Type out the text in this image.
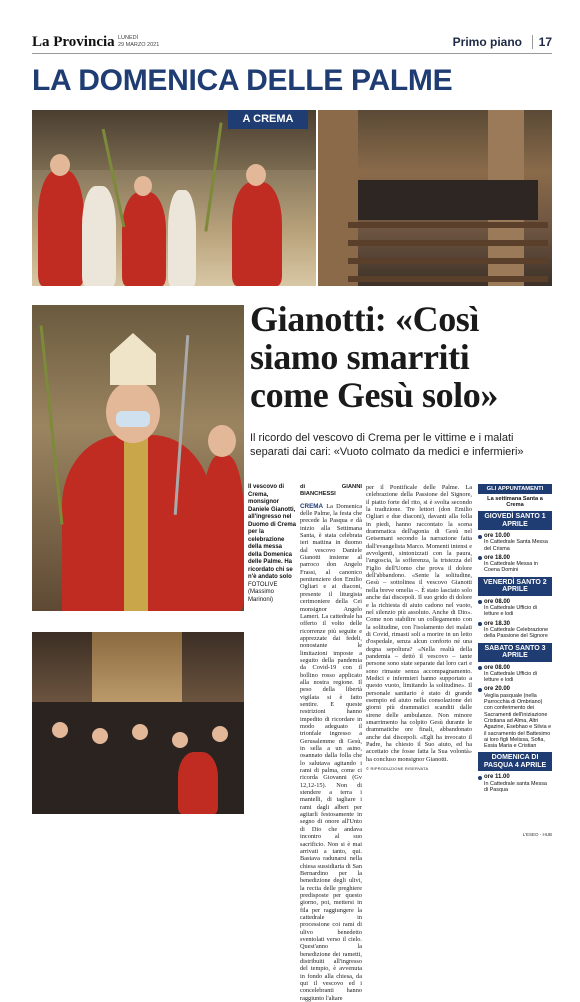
La Provincia LUNEDÌ
29 MARZO 2021	Primo piano	17
LA DOMENICA DELLE PALME
A CREMA
Gianotti: «Così siamo smarriti come Gesù solo»
Il ricordo del vescovo di Crema per le vittime e i malati separati dai cari: «Vuoto colmato da medici e infermieri»
Il vescovo di Crema, monsignor Daniele Gianotti, all'ingresso nel Duomo di Crema per la celebrazione della messa della Domenica delle Palme. Ha ricordato chi se n'è andato solo
FOTOLIVE (Massimo Marinoni)
di GIANNI BIANCHESSI
CREMA La Domenica delle Palme, la festa che precede la Pasqua e dà inizio alla Settimana Santa, è stata celebrata ieri mattina in duomo dal vescovo Daniele Gianotti insieme al parroco don Angelo Frassi, al canonico penitenziere don Emilio Ogliari e ai diaconi, presente il liturgista cerimoniere della Cei monsignor Angelo Lameri. La cattedrale ha offerto il volto delle ricorrenze più seguite e apprezzate dai fedeli, nonostante le limitazioni imposte a seguito della pandemia da Covid-19 con il bollino rosso applicato alla nostra regione. Il peso della libertà vigilata si è fatto sentire. E queste restrizioni hanno impedito di ricordare in modo adeguato il trionfale ingresso a Gerusalemme di Gesù, in sella a un asino, osannato dalla folla che lo salutava agitando i rami di palma, come ci ricorda Giovanni (Gv 12,12-15). Non di stendere a terra i mantelli, di tagliare i rami dagli alberi per agitarli festosamente in segno di onore all'Unto di Dio che andava incontro al suo sacrificio. Non si è mai arrivati a tanto, qui. Bastava radunarsi nella chiesa sussidiaria di San Bernardino per la benedizione degli ulivi, la recita delle preghiere predisposte per questo giorno, poi, mettersi in fila per raggiungere la cattedrale in processione coi rami di ulivo benedetto sventolati verso il cielo. Quest'anno la benedizione dei rametti, distribuiti all'ingresso del tempio, è avvenuta in fondo alla chiesa, da qui il vescovo ed i concelebranti hanno raggiunto l'altare
per il Pontificale delle Palme. La celebrazione della Passione del Signore, il piatto forte del rito, si è svolta secondo la tradizione. Tre lettori (don Emilio Ogliari e due diaconi), davanti alla folla in piedi, hanno raccontato la scena drammatica dell'agonia di Gesù nel Getsemani secondo la narrazione fatta dall'evangelista Marco. Momenti intensi e avvolgenti, sintonizzati con la paura, l'angoscia, la sofferenza, la tristezza del Figlio dell'Uomo che prova il dolore dell'abbandono. «Sente la solitudine, Gesù – sottolinea il vescovo Gianotti nella breve omelia –. È stato lasciato solo anche dai discepoli. Il suo grido di dolore e la richiesta di aiuto cadono nel vuoto, nel silenzio più assoluto. Anche di Dio». Come non stabilire un collegamento con la solitudine, con l'isolamento dei malati di Covid, rimasti soli a morire in un letto d'ospedale, senza alcun conforto né una degna sepoltura? «Nella realtà della pandemia – dettò il vescovo – tante persone sono state separate dai loro cari e sono rimaste senza accompagnamento. Medici e infermieri hanno supportato a questo vuoto, limitando la solitudine». Il personale sanitario è stato di grande esempio ed aiuto nella consolazione dei giorni più drammatici scanditi dalle sirene delle ambulanze. Non minore smarrimento ha colpito Gesù durante le drammatiche ore finali, abbandonato anche dai discepoli. «Egli ha invocato il Padre, ha chiesto il Suo aiuto, ed ha accettato che fosse fatta la Sua volontà» ha concluso monsignor Gianotti.
© RIPRODUZIONE RISERVATA
GLI APPUNTAMENTI
La settimana Santa a Crema
GIOVEDÌ SANTO 1 APRILE
ore 10.00
In Cattedrale Santa Messa del Crisma
ore 18.00
In Cattedrale Messa in Coena Domini
VENERDÌ SANTO 2 APRILE
ore 08.00
In Cattedrale Ufficio di letture e lodi
ore 18.30
In Cattedrale Celebrazione della Passione del Signore
SABATO SANTO 3 APRILE
ore 08.00
In Cattedrale Ufficio di letture e lodi
ore 20.00
Veglia pasquale (nella Parrocchia di Ombriano) con conferimento dei Sacramenti dell'iniziazione Cristiana ad Alma, Altri Agazine, Esebhao e Silvia e il sacramento del Battesimo ai loro figli Melissa, Sofia, Essia Maria e Cristian
DOMENICA DI PASQUA 4 APRILE
ore 11.00
In Cattedrale santa Messa di Pasqua
L'ESEO - HUB
